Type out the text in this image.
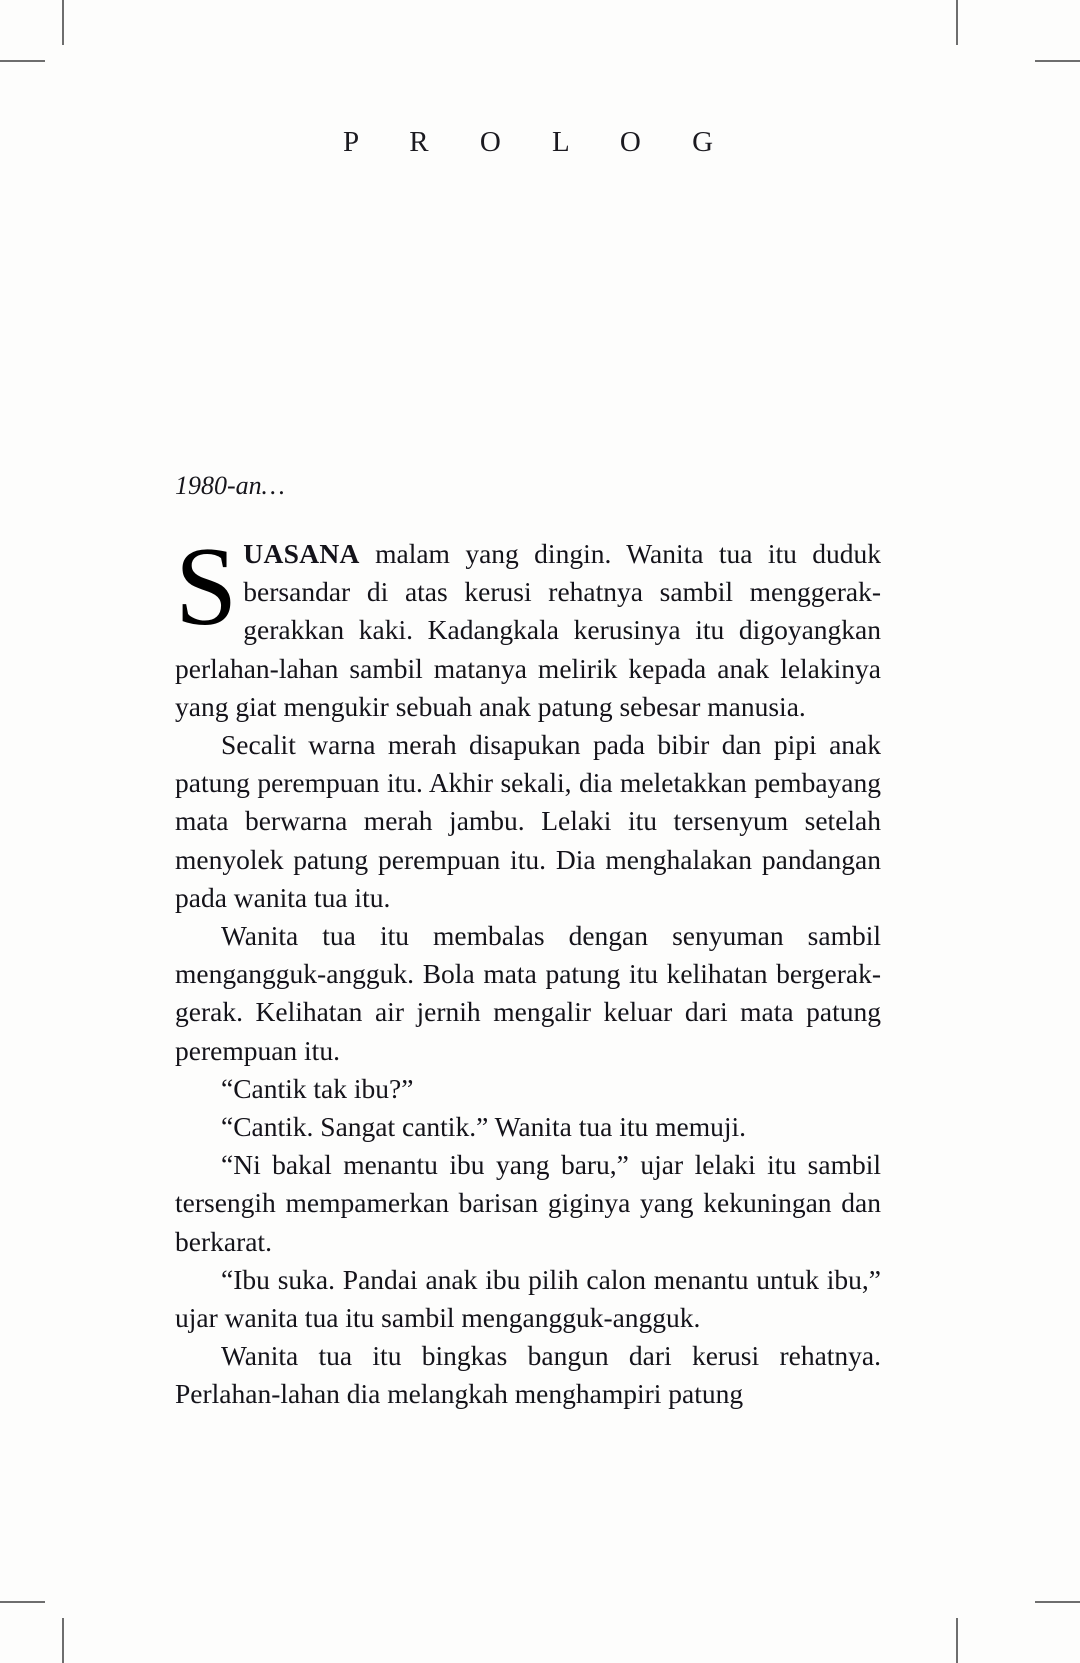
P R O L O G
1980-an…

SUASANA malam yang dingin. Wanita tua itu duduk bersandar di atas kerusi rehatnya sambil menggerak-gerakkan kaki. Kadangkala kerusinya itu digoyangkan perlahan-lahan sambil matanya melirik kepada anak lelakinya yang giat mengukir sebuah anak patung sebesar manusia.

Secalit warna merah disapukan pada bibir dan pipi anak patung perempuan itu. Akhir sekali, dia meletakkan pembayang mata berwarna merah jambu. Lelaki itu tersenyum setelah menyolek patung perempuan itu. Dia menghalakan pandangan pada wanita tua itu.

Wanita tua itu membalas dengan senyuman sambil mengangguk-angguk. Bola mata patung itu kelihatan bergerak-gerak. Kelihatan air jernih mengalir keluar dari mata patung perempuan itu.

“Cantik tak ibu?”

“Cantik. Sangat cantik.” Wanita tua itu memuji.

“Ni bakal menantu ibu yang baru,” ujar lelaki itu sambil tersengih mempamerkan barisan giginya yang kekuningan dan berkarat.

“Ibu suka. Pandai anak ibu pilih calon menantu untuk ibu,” ujar wanita tua itu sambil mengangguk-angguk.

Wanita tua itu bingkas bangun dari kerusi rehatnya. Perlahan-lahan dia melangkah menghampiri patung
